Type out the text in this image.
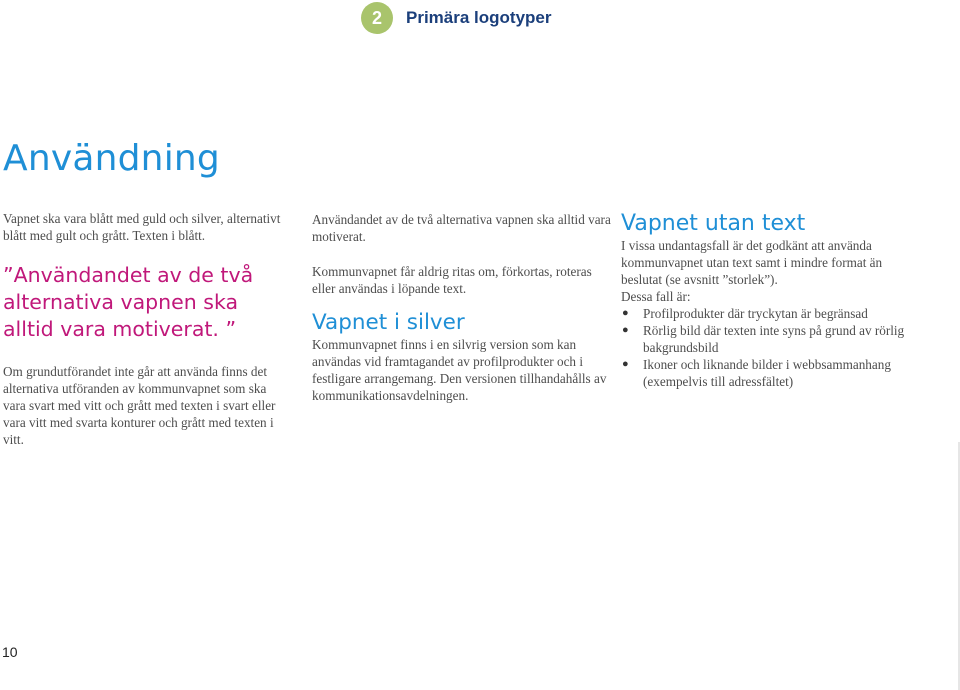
2	Primära logotyper
Användning

Vapnet ska vara blått med guld och silver, alternativt blått med gult och grått. Texten i blått.

”Användandet av de två alternativa vapnen ska alltid vara motiverat. ”

Om grundutförandet inte går att använda finns det alternativa utföranden av kommunvapnet som ska vara svart med vitt och grått med texten i svart eller vara vitt med svarta konturer och grått med texten i vitt.

Användandet av de två alternativa vapnen ska alltid vara motiverat.

Kommunvapnet får aldrig ritas om, förkortas, roteras eller användas i löpande text.

Vapnet i silver

Kommunvapnet finns i en silvrig version som kan användas vid framtagandet av profilprodukter och i festligare arrangemang. Den versionen tillhandahålls av kommunikationsavdelningen.

Vapnet utan text

I vissa undantagsfall är det godkänt att använda kommunvapnet utan text samt i mindre format än beslutat (se avsnitt ”storlek”).

Dessa fall är:

● Profilprodukter där tryckytan är begränsad
● Rörlig bild där texten inte syns på grund av rörlig bakgrundsbild
● Ikoner och liknande bilder i webbsammanhang (exempelvis till adressfältet)
10
